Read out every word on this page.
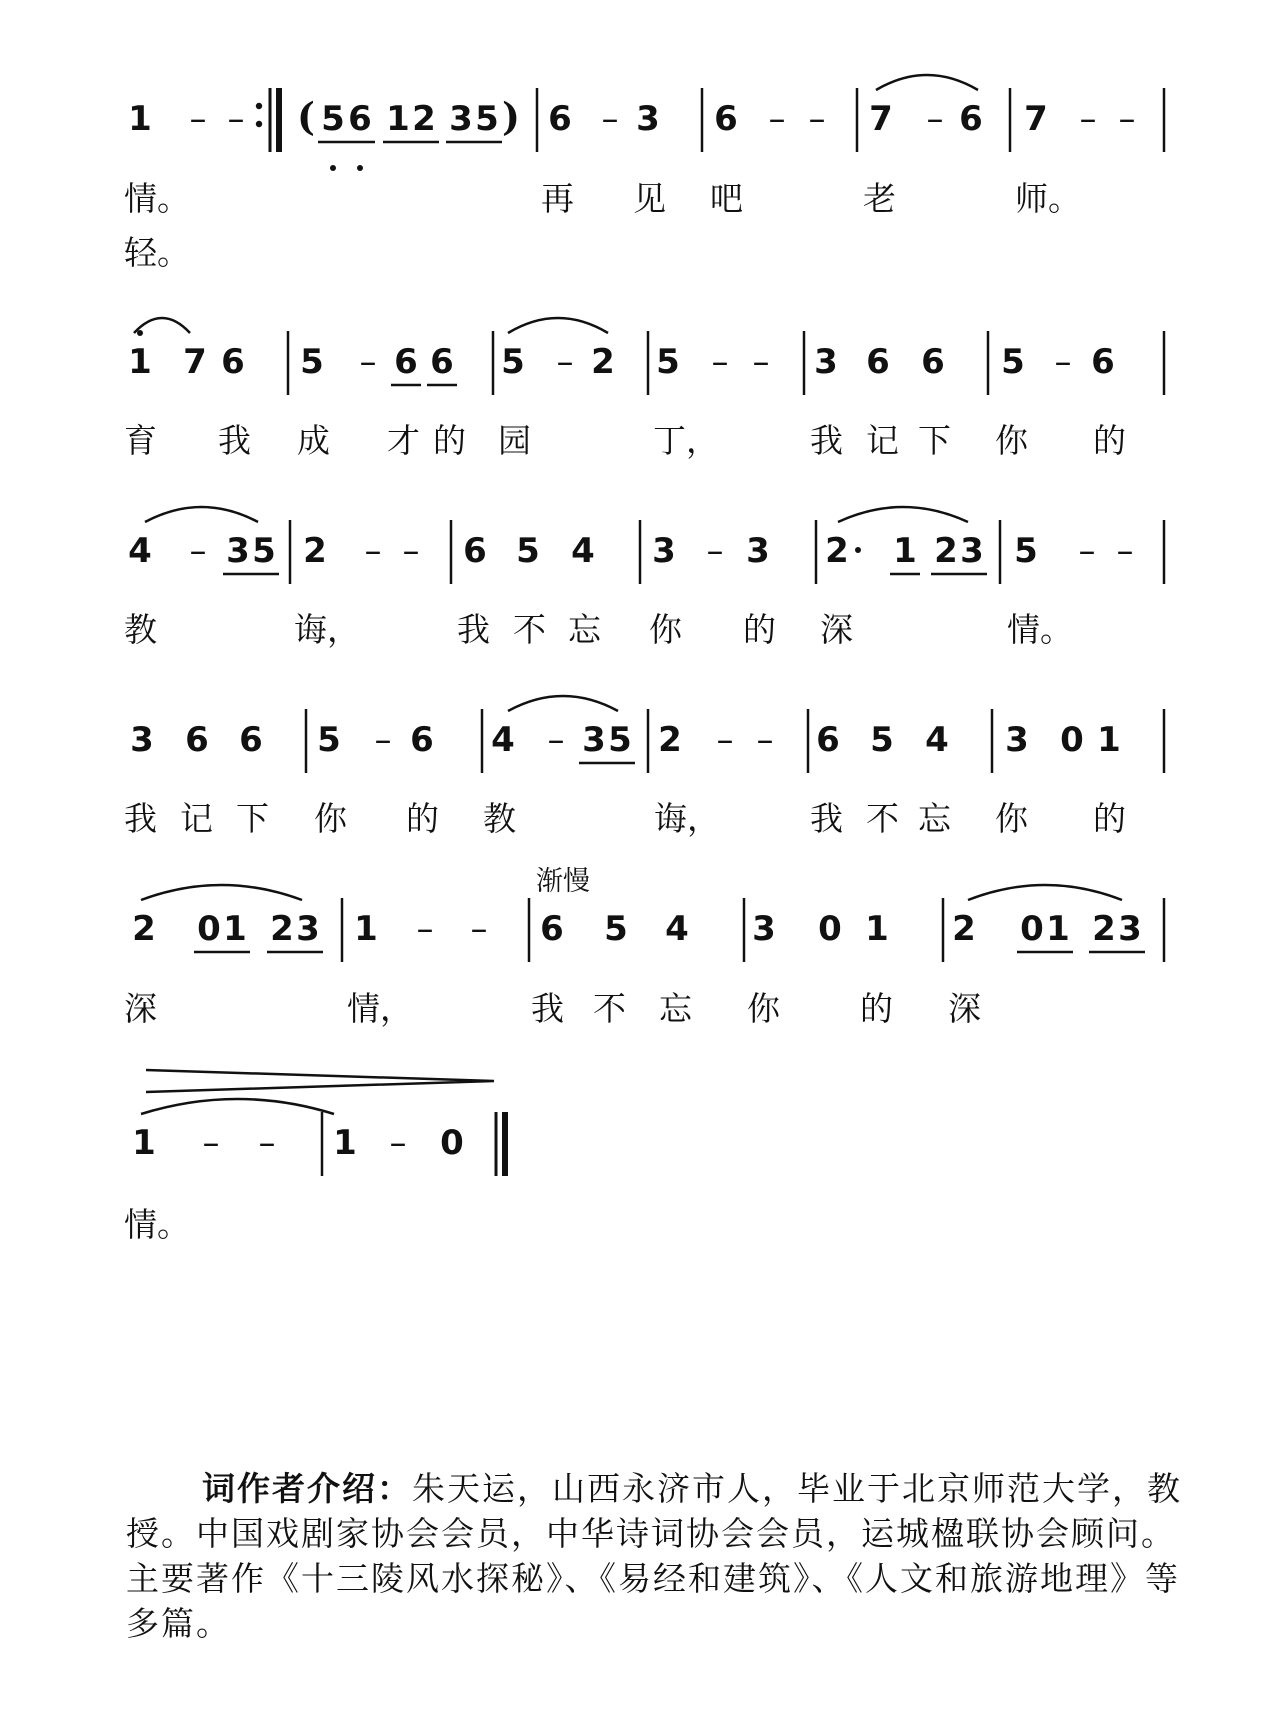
1 – – ( 5 6 1 2 3 5 ) 6 – 3 6 – – 7 – 6 7 – –
情。	再 见 吧	老	师。
轻。
1 7 6 5 – 6 6 5 – 2 5 – – 3 6 6 5 – 6
育 我 成 才 的 园	丁，	我 记 下 你 的
4 – 3 5 2 – – 6 5 4 3 – 3 2 1 2 3 5 – –
教	诲，	我 不 忘 你 的 深	情。
3 6 6 5 – 6 4 – 3 5 2 – – 6 5 4 3 0 1
我 记 下 你 的 教	诲，	我 不 忘 你 的
2 0 1 2 3 1 – – 6 5 4 3 0 1 2 0 1 2 3
深	情，	我 不 忘 你 的 深
渐慢
1 – – 1 – 0
情。

词作者介绍：朱天运，山西永济市人，毕业于北京师范大学，教授。中国戏剧家协会会员，中华诗词协会会员，运城楹联协会顾问。主要著作《十三陵风水探秘》、《易经和建筑》、《人文和旅游地理》等多篇。
